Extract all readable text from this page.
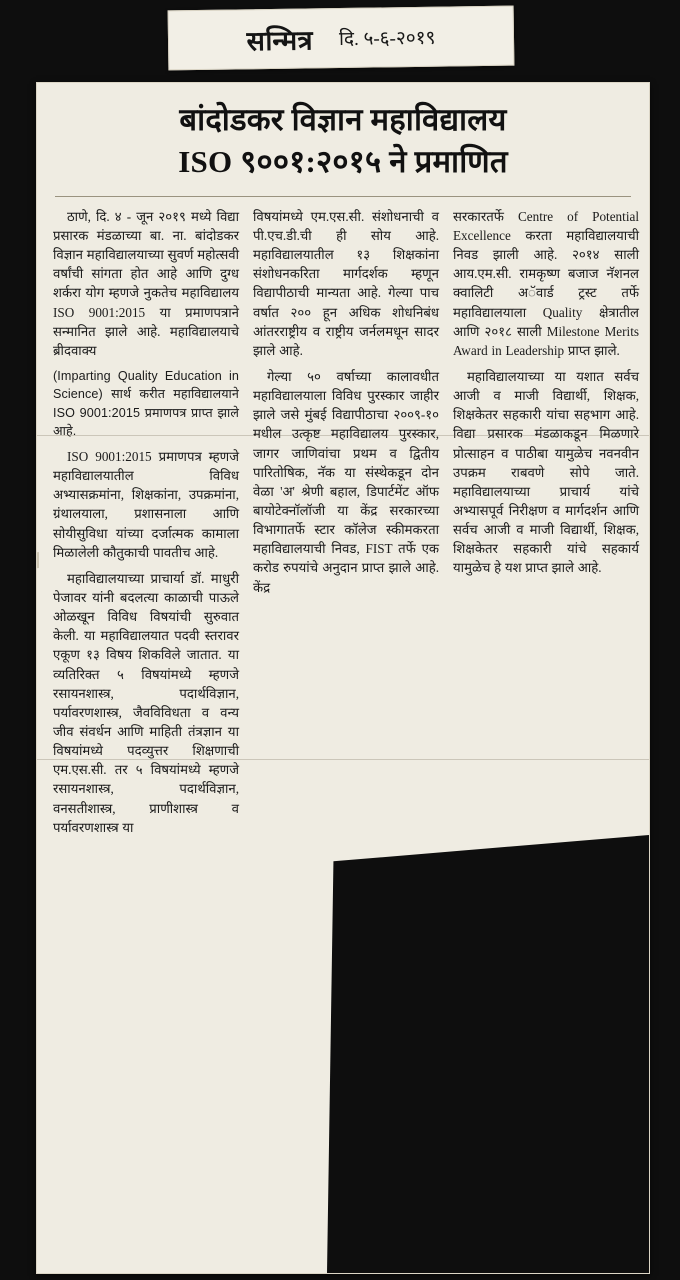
सन्मित्र दि. ५-६-२०१९
बांदोडकर विज्ञान महाविद्यालय
ISO ९००१:२०१५ ने प्रमाणित

ठाणे, दि. ४ - जून २०१९ मध्ये विद्या प्रसारक मंडळाच्या बा. ना. बांदोडकर विज्ञान महाविद्यालयाच्या सुवर्ण महोत्सवी वर्षांची सांगता होत आहे आणि दुग्ध शर्करा योग म्हणजे नुकतेच महाविद्यालय ISO 9001:2015 या प्रमाणपत्राने सन्मानित झाले आहे. महाविद्यालयाचे ब्रीदवाक्य

(Imparting Quality Education in Science) सार्थ करीत महाविद्यालयाने ISO 9001:2015 प्रमाणपत्र प्राप्त झाले आहे.

ISO 9001:2015 प्रमाणपत्र म्हणजे महाविद्यालयातील विविध अभ्यासक्रमांना, शिक्षकांना, उपक्रमांना, ग्रंथालयाला, प्रशासनाला आणि सोयीसुविधा यांच्या दर्जात्मक कामाला मिळालेली कौतुकाची पावतीच आहे.

महाविद्यालयाच्या प्राचार्या डॉ. माधुरी पेजावर यांनी बदलत्या काळाची पाऊले ओळखून विविध विषयांची सुरुवात केली. या महाविद्यालयात पदवी स्तरावर एकूण १३ विषय शिकविले जातात. या व्यतिरिक्त ५ विषयांमध्ये म्हणजे रसायनशास्त्र, पदार्थविज्ञान, पर्यावरणशास्त्र, जैवविविधता व वन्य जीव संवर्धन आणि माहिती तंत्रज्ञान या विषयांमध्ये पदव्युत्तर शिक्षणाची एम.एस.सी. तर ५ विषयांमध्ये म्हणजे रसायनशास्त्र, पदार्थविज्ञान, वनसतीशास्त्र, प्राणीशास्त्र व पर्यावरणशास्त्र या

विषयांमध्ये एम.एस.सी. संशोधनाची व पी.एच.डी.ची ही सोय आहे. महाविद्यालयातील १३ शिक्षकांना संशोधनकरिता मार्गदर्शक म्हणून विद्यापीठाची मान्यता आहे. गेल्या पाच वर्षात २०० हून अधिक शोधनिबंध आंतरराष्ट्रीय व राष्ट्रीय जर्नलमधून सादर झाले आहे.

गेल्या ५० वर्षाच्या कालावधीत महाविद्यालयाला विविध पुरस्कार जाहीर झाले जसे मुंबई विद्यापीठाचा २००९-१० मधील उत्कृष्ट महाविद्यालय पुरस्कार, जागर जाणिवांचा प्रथम व द्वितीय पारितोषिक, नॅक या संस्थेकडून दोन वेळा 'अ' श्रेणी बहाल, डिपार्टमेंट ऑफ बायोटेक्नॉलॉजी या केंद्र सरकारच्या विभागातर्फे स्टार कॉलेज स्कीमकरता महाविद्यालयाची निवड, FIST तर्फे एक करोड रुपयांचे अनुदान प्राप्त झाले आहे. केंद्र

सरकारतर्फे Centre of Potential Excellence करता महाविद्यालयाची निवड झाली आहे. २०१४ साली आय.एम.सी. रामकृष्ण बजाज नॅशनल क्वालिटी अॅवार्ड ट्रस्ट तर्फे महाविद्यालयाला Quality क्षेत्रातील आणि २०१८ साली Milestone Merits Award in Leadership प्राप्त झाले.

महाविद्यालयाच्या या यशात सर्वच आजी व माजी विद्यार्थी, शिक्षक, शिक्षकेतर सहकारी यांचा सहभाग आहे. विद्या प्रसारक मंडळाकडून मिळणारे प्रोत्साहन व पाठीबा यामुळेच नवनवीन उपक्रम राबवणे सोपे जाते. महाविद्यालयाच्या प्राचार्य यांचे अभ्यासपूर्व निरीक्षण व मार्गदर्शन आणि सर्वच आजी व माजी विद्यार्थी, शिक्षक, शिक्षकेतर सहकारी यांचे सहकार्य यामुळेच हे यश प्राप्त झाले आहे.
